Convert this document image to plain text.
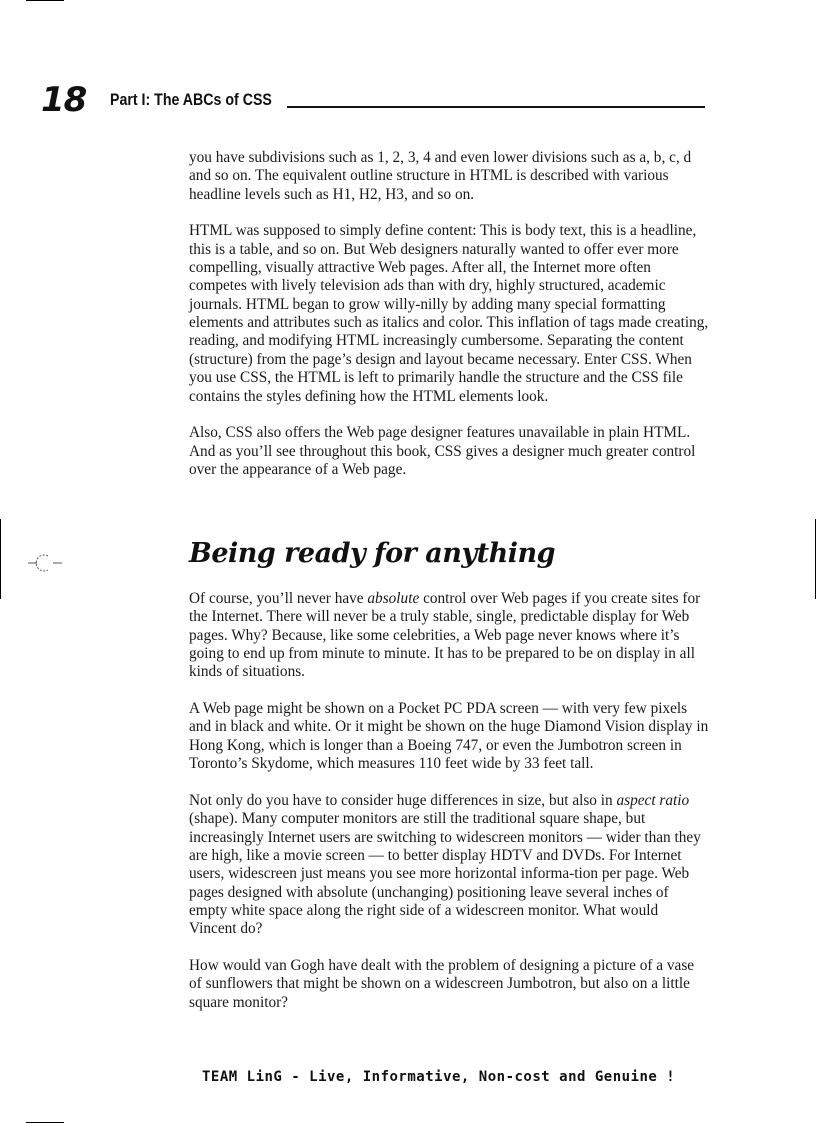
18 Part I: The ABCs of CSS

you have subdivisions such as 1, 2, 3, 4 and even lower divisions such as a, b, c, d and so on. The equivalent outline structure in HTML is described with various headline levels such as H1, H2, H3, and so on.

HTML was supposed to simply define content: This is body text, this is a headline, this is a table, and so on. But Web designers naturally wanted to offer ever more compelling, visually attractive Web pages. After all, the Internet more often competes with lively television ads than with dry, highly structured, academic journals. HTML began to grow willy-nilly by adding many special formatting elements and attributes such as italics and color. This inflation of tags made creating, reading, and modifying HTML increasingly cumbersome. Separating the content (structure) from the page’s design and layout became necessary. Enter CSS. When you use CSS, the HTML is left to primarily handle the structure and the CSS file contains the styles defining how the HTML elements look.

Also, CSS also offers the Web page designer features unavailable in plain HTML. And as you’ll see throughout this book, CSS gives a designer much greater control over the appearance of a Web page.

Being ready for anything

Of course, you’ll never have absolute control over Web pages if you create sites for the Internet. There will never be a truly stable, single, predictable display for Web pages. Why? Because, like some celebrities, a Web page never knows where it’s going to end up from minute to minute. It has to be prepared to be on display in all kinds of situations.

A Web page might be shown on a Pocket PC PDA screen — with very few pixels and in black and white. Or it might be shown on the huge Diamond Vision display in Hong Kong, which is longer than a Boeing 747, or even the Jumbotron screen in Toronto’s Skydome, which measures 110 feet wide by 33 feet tall.

Not only do you have to consider huge differences in size, but also in aspect ratio (shape). Many computer monitors are still the traditional square shape, but increasingly Internet users are switching to widescreen monitors — wider than they are high, like a movie screen — to better display HDTV and DVDs. For Internet users, widescreen just means you see more horizontal informa-tion per page. Web pages designed with absolute (unchanging) positioning leave several inches of empty white space along the right side of a widescreen monitor. What would Vincent do?

How would van Gogh have dealt with the problem of designing a picture of a vase of sunflowers that might be shown on a widescreen Jumbotron, but also on a little square monitor?

TEAM LinG - Live, Informative, Non-cost and Genuine !
